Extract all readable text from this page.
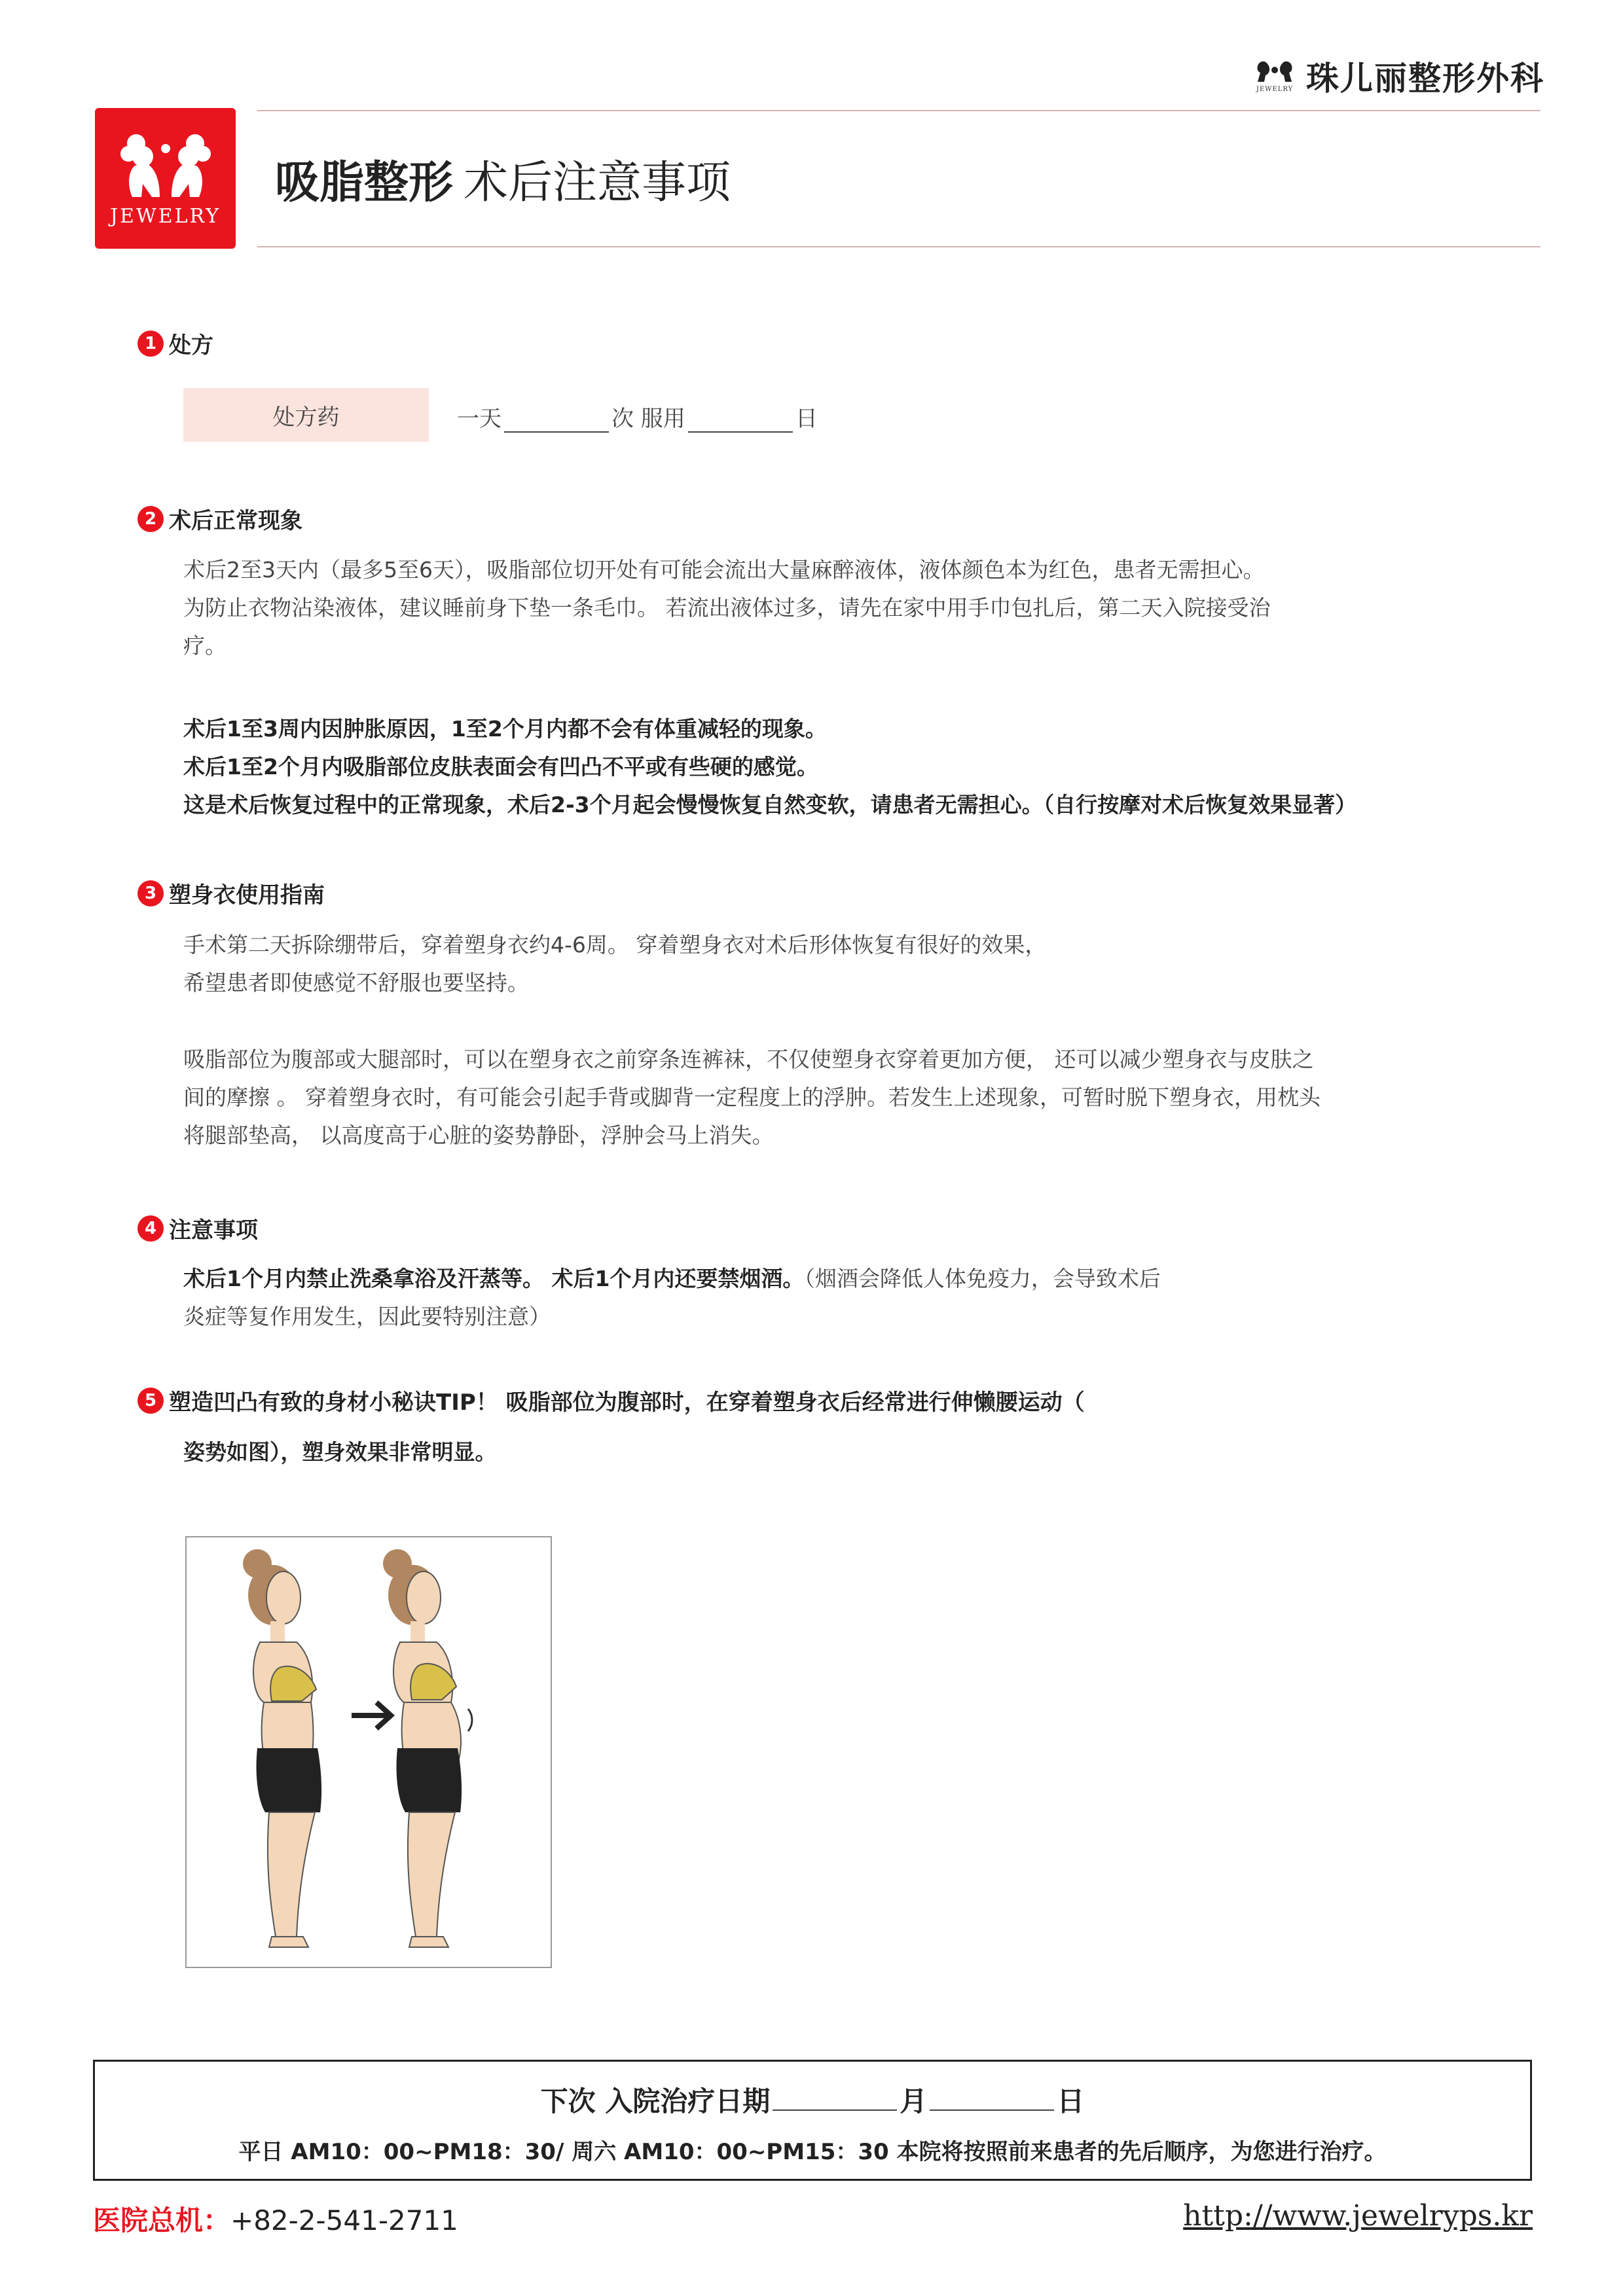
JEWELRY 珠儿丽整形外科
JEWELRY
吸脂整形 术后注意事项
1 处方
处方药	一天	次 服用	日
2 术后正常现象
术后2至3天内（最多5至6天），吸脂部位切开处有可能会流出大量麻醉液体，液体颜色本为红色，患者无需担心。
为防止衣物沾染液体，建议睡前身下垫一条毛巾。 若流出液体过多，请先在家中用手巾包扎后，第二天入院接受治
疗。
术后1至3周内因肿胀原因，1至2个月内都不会有体重减轻的现象。
术后1至2个月内吸脂部位皮肤表面会有凹凸不平或有些硬的感觉。
这是术后恢复过程中的正常现象，术后2-3个月起会慢慢恢复自然变软，请患者无需担心。（自行按摩对术后恢复效果显著）
3 塑身衣使用指南
手术第二天拆除绷带后，穿着塑身衣约4-6周。 穿着塑身衣对术后形体恢复有很好的效果，
希望患者即使感觉不舒服也要坚持。
吸脂部位为腹部或大腿部时，可以在塑身衣之前穿条连裤袜，不仅使塑身衣穿着更加方便， 还可以减少塑身衣与皮肤之
间的摩擦 。 穿着塑身衣时，有可能会引起手背或脚背一定程度上的浮肿。若发生上述现象，可暂时脱下塑身衣，用枕头
将腿部垫高， 以高度高于心脏的姿势静卧，浮肿会马上消失。
4 注意事项
术后1个月内禁止洗桑拿浴及汗蒸等。 术后1个月内还要禁烟酒。（烟酒会降低人体免疫力，会导致术后
炎症等复作用发生，因此要特别注意）
5 塑造凹凸有致的身材小秘诀TIP！ 吸脂部位为腹部时，在穿着塑身衣后经常进行伸懒腰运动（
姿势如图），塑身效果非常明显。
下次 入院治疗日期	月	日
平日 AM10：00~PM18：30/ 周六 AM10：00~PM15：30 本院将按照前来患者的先后顺序，为您进行治疗。
医院总机：+82-2-541-2711	http://www.jewelryps.kr
